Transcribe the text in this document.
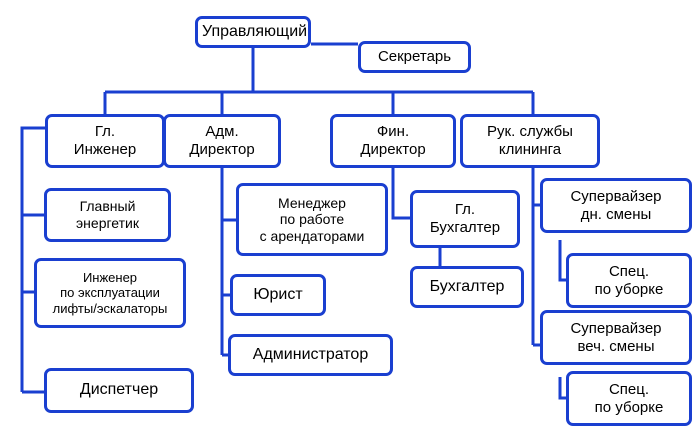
Управляющий
Секретарь
Гл.
Инженер
Адм.
Директор
Фин.
Директор
Рук. службы
клининга
Главный
энергетик
Инженер
по эксплуатации
лифты/эскалаторы
Диспетчер
Менеджер
по работе
с арендаторами
Юрист
Администратор
Гл.
Бухгалтер
Бухгалтер
Супервайзер
дн. смены
Спец.
по уборке
Супервайзер
веч. смены
Спец.
по уборке
